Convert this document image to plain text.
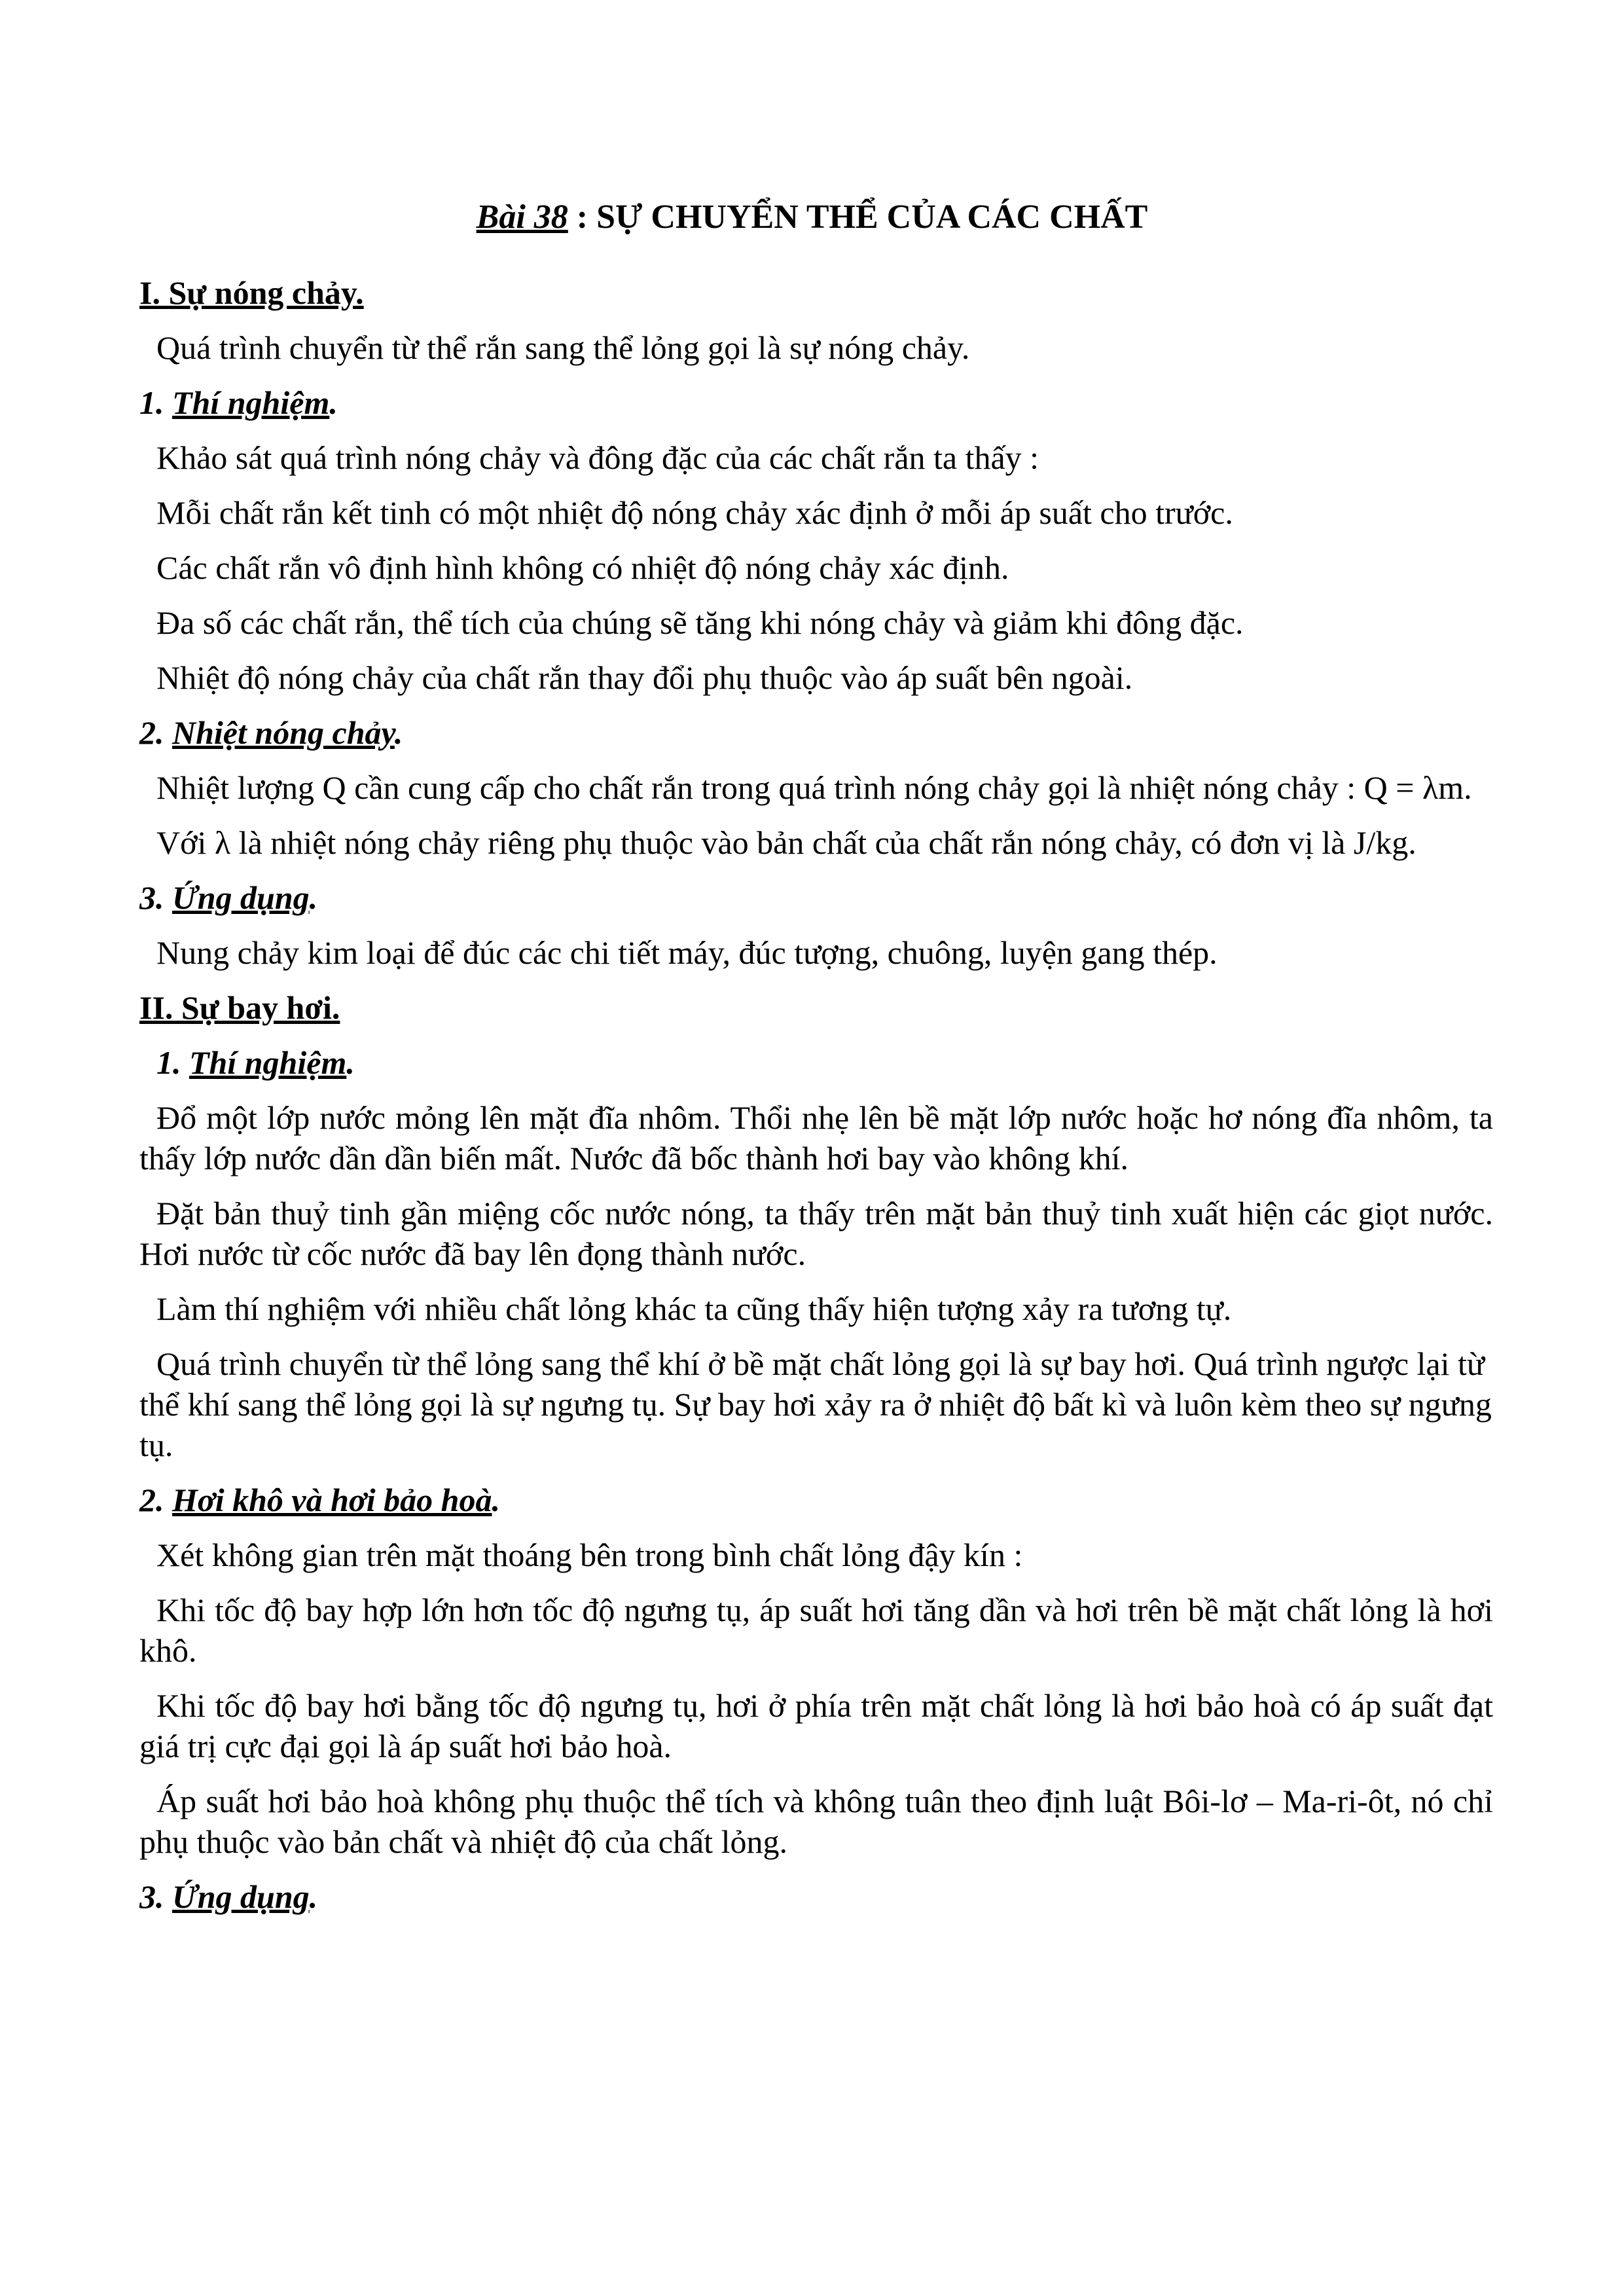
Bài 38 : SỰ CHUYỂN THỂ CỦA CÁC CHẤT
I. Sự nóng chảy.
Quá trình chuyển từ thể rắn sang thể lỏng gọi là sự nóng chảy.
1. Thí nghiệm.
Khảo sát quá trình nóng chảy và đông đặc của các chất rắn ta thấy :
Mỗi chất rắn kết tinh có một nhiệt độ nóng chảy xác định ở mỗi áp suất cho trước.
Các chất rắn vô định hình không có nhiệt độ nóng chảy xác định.
Đa số các chất rắn, thể tích của chúng sẽ tăng khi nóng chảy và giảm khi đông đặc.
Nhiệt độ nóng chảy của chất rắn thay đổi phụ thuộc vào áp suất bên ngoài.
2. Nhiệt nóng chảy.
Nhiệt lượng Q cần cung cấp cho chất rắn trong quá trình nóng chảy gọi là nhiệt nóng chảy : Q = λm.
Với λ là nhiệt nóng chảy riêng phụ thuộc vào bản chất của chất rắn nóng chảy, có đơn vị là J/kg.
3. Ứng dụng.
Nung chảy kim loại để đúc các chi tiết máy, đúc tượng, chuông, luyện gang thép.
II. Sự bay hơi.
1. Thí nghiệm.
Đổ một lớp nước mỏng lên mặt đĩa nhôm. Thổi nhẹ lên bề mặt lớp nước hoặc hơ nóng đĩa nhôm, ta thấy lớp nước dần dần biến mất. Nước đã bốc thành hơi bay vào không khí.
Đặt bản thuỷ tinh gần miệng cốc nước nóng, ta thấy trên mặt bản thuỷ tinh xuất hiện các giọt nước. Hơi nước từ cốc nước đã bay lên đọng thành nước.
Làm thí nghiệm với nhiều chất lỏng khác ta cũng thấy hiện tượng xảy ra tương tự.
Quá trình chuyển từ thể lỏng sang thể khí ở bề mặt chất lỏng gọi là sự bay hơi. Quá trình ngược lại từ thể khí sang thể lỏng gọi là sự ngưng tụ. Sự bay hơi xảy ra ở nhiệt độ bất kì và luôn kèm theo sự ngưng tụ.
2. Hơi khô và hơi bảo hoà.
Xét không gian trên mặt thoáng bên trong bình chất lỏng đậy kín :
Khi tốc độ bay hợp lớn hơn tốc độ ngưng tụ, áp suất hơi tăng dần và hơi trên bề mặt chất lỏng là hơi khô.
Khi tốc độ bay hơi bằng tốc độ ngưng tụ, hơi ở phía trên mặt chất lỏng là hơi bảo hoà có áp suất đạt giá trị cực đại gọi là áp suất hơi bảo hoà.
Áp suất hơi bảo hoà không phụ thuộc thể tích và không tuân theo định luật Bôi-lơ – Ma-ri-ôt, nó chỉ phụ thuộc vào bản chất và nhiệt độ của chất lỏng.
3. Ứng dụng.
